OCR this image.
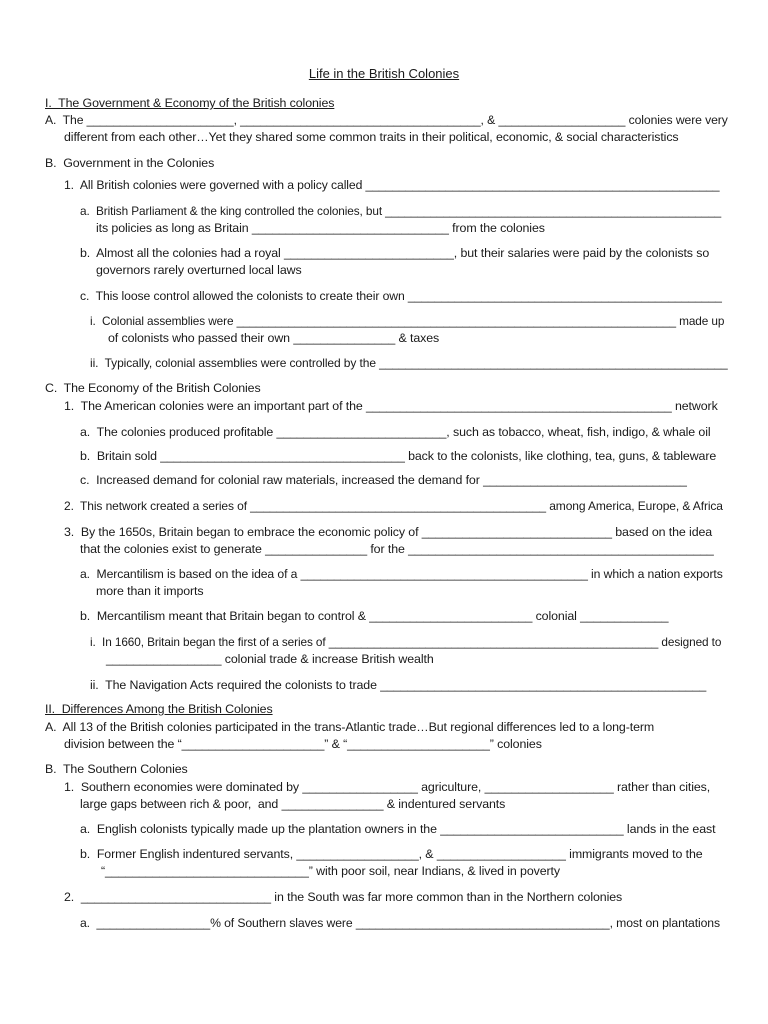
Life in the British Colonies
I.  The Government & Economy of the British colonies
A.  The ______________________, ____________________________________, & ___________________ colonies were very
different from each other…Yet they shared some common traits in their political, economic, & social characteristics
B.  Government in the Colonies
1.  All British colonies were governed with a policy called _____________________________________________________
a.  British Parliament & the king controlled the colonies, but ____________________________________________________
its policies as long as Britain _____________________________ from the colonies
b.  Almost all the colonies had a royal _________________________, but their salaries were paid by the colonists so
governors rarely overturned local laws
c.  This loose control allowed the colonists to create their own _______________________________________________
i.  Colonial assemblies were ____________________________________________________________________ made up
of colonists who passed their own _______________ & taxes
ii.  Typically, colonial assemblies were controlled by the _____________________________________________________
C.  The Economy of the British Colonies
1.  The American colonies were an important part of the _____________________________________________ network
a.  The colonies produced profitable _________________________, such as tobacco, wheat, fish, indigo, & whale oil
b.  Britain sold ____________________________________ back to the colonists, like clothing, tea, guns, & tableware
c.  Increased demand for colonial raw materials, increased the demand for ______________________________
2.  This network created a series of _____________________________________________ among America, Europe, & Africa
3.  By the 1650s, Britain began to embrace the economic policy of ____________________________ based on the idea
that the colonies exist to generate _______________ for the _____________________________________________
a.  Mercantilism is based on the idea of a ___________________________________________ in which a nation exports
more than it imports
b.  Mercantilism meant that Britain began to control & ________________________ colonial _____________
i.  In 1660, Britain began the first of a series of ___________________________________________________ designed to
_________________ colonial trade & increase British wealth
ii.  The Navigation Acts required the colonists to trade ________________________________________________
II.  Differences Among the British Colonies
A.  All 13 of the British colonies participated in the trans-Atlantic trade…But regional differences led to a long-term
division between the “_____________________” & “_____________________” colonies
B.  The Southern Colonies
1.  Southern economies were dominated by _________________ agriculture, ___________________ rather than cities,
large gaps between rich & poor,  and _______________ & indentured servants
a.  English colonists typically made up the plantation owners in the ___________________________ lands in the east
b.  Former English indentured servants, __________________, & ___________________ immigrants moved to the
“______________________________” with poor soil, near Indians, & lived in poverty
2.  ____________________________ in the South was far more common than in the Northern colonies
a.  _________________% of Southern slaves were ______________________________________, most on plantations
